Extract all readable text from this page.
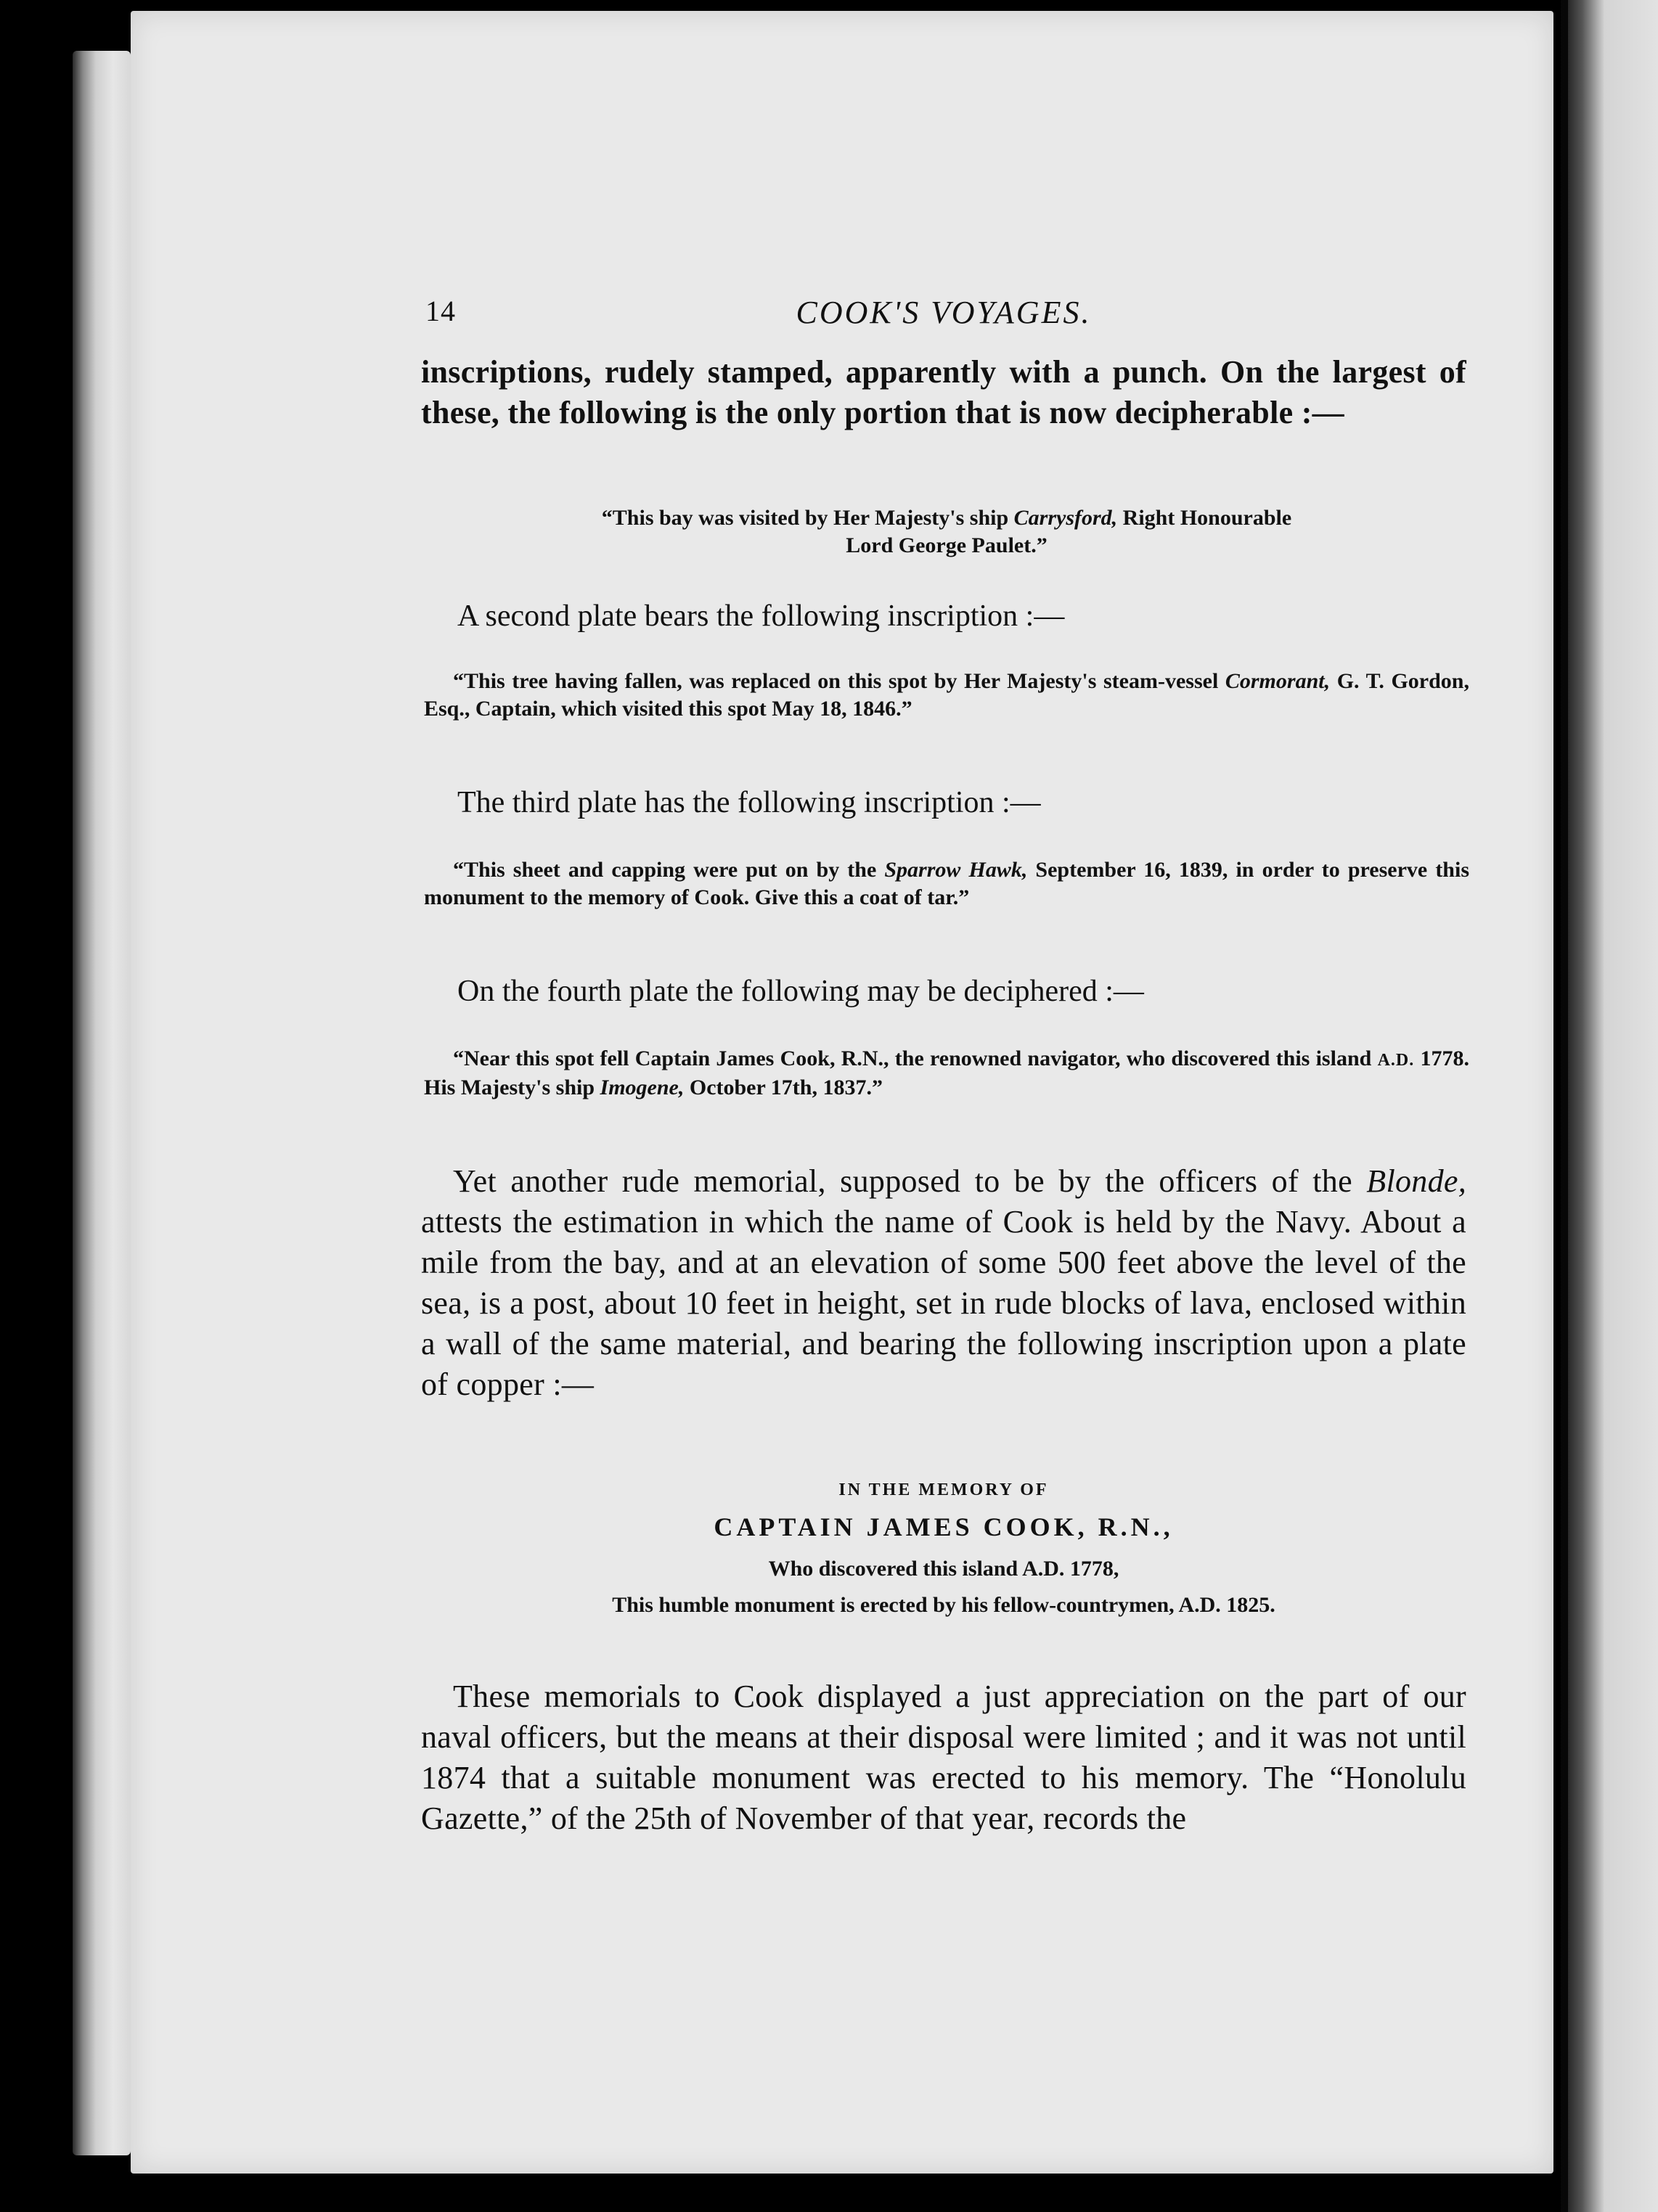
14	COOK'S VOYAGES.
inscriptions, rudely stamped, apparently with a punch. On the largest of these, the following is the only portion that is now decipherable :—
“This bay was visited by Her Majesty's ship Carrysford, Right Honourable
Lord George Paulet.”
A second plate bears the following inscription :—
“This tree having fallen, was replaced on this spot by Her Majesty's steam-vessel Cormorant, G. T. Gordon, Esq., Captain, which visited this spot May 18, 1846.”
The third plate has the following inscription :—
“This sheet and capping were put on by the Sparrow Hawk, September 16, 1839, in order to preserve this monument to the memory of Cook. Give this a coat of tar.”
On the fourth plate the following may be deciphered :—
“Near this spot fell Captain James Cook, R.N., the renowned navigator, who discovered this island A.D. 1778. His Majesty's ship Imogene, October 17th, 1837.”
Yet another rude memorial, supposed to be by the officers of the Blonde, attests the estimation in which the name of Cook is held by the Navy. About a mile from the bay, and at an elevation of some 500 feet above the level of the sea, is a post, about 10 feet in height, set in rude blocks of lava, enclosed within a wall of the same material, and bearing the following inscription upon a plate of copper :—
IN THE MEMORY OF
CAPTAIN JAMES COOK, R.N.,
Who discovered this island A.D. 1778,
This humble monument is erected by his fellow-countrymen, A.D. 1825.
These memorials to Cook displayed a just appreciation on the part of our naval officers, but the means at their disposal were limited ; and it was not until 1874 that a suitable monument was erected to his memory. The “Honolulu Gazette,” of the 25th of November of that year, records the
